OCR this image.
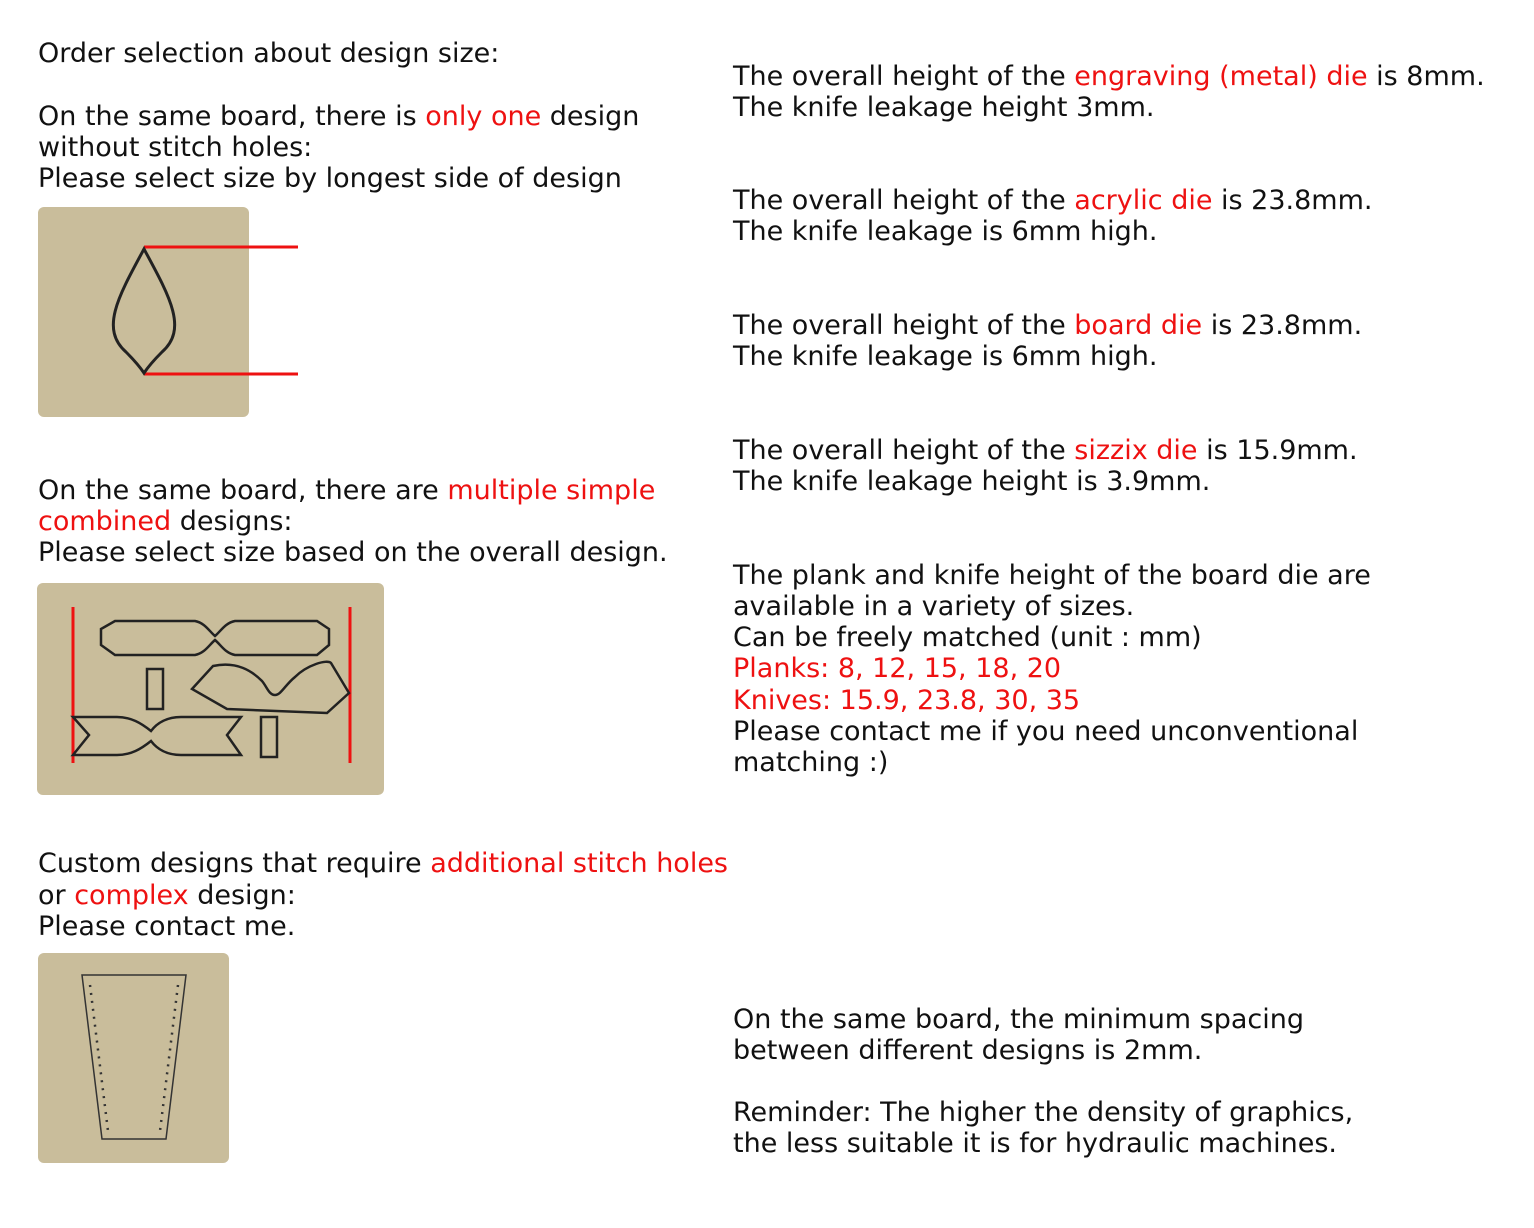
Order selection about design size:

On the same board, there is only one design

without stitch holes:

Please select size by longest side of design

On the same board, there are multiple simple

combined designs:

Please select size based on the overall design.

Custom designs that require additional stitch holes

or complex design:

Please contact me.

The overall height of the engraving (metal) die is 8mm.

The knife leakage height 3mm.

The overall height of the acrylic die is 23.8mm.

The knife leakage is 6mm high.

The overall height of the board die is 23.8mm.

The knife leakage is 6mm high.

The overall height of the sizzix die is 15.9mm.

The knife leakage height is 3.9mm.

The plank and knife height of the board die are

available in a variety of sizes.

Can be freely matched (unit : mm)

Planks: 8, 12, 15, 18, 20

Knives: 15.9, 23.8, 30, 35

Please contact me if you need unconventional

matching :)

On the same board, the minimum spacing

between different designs is 2mm.

Reminder: The higher the density of graphics,

the less suitable it is for hydraulic machines.
